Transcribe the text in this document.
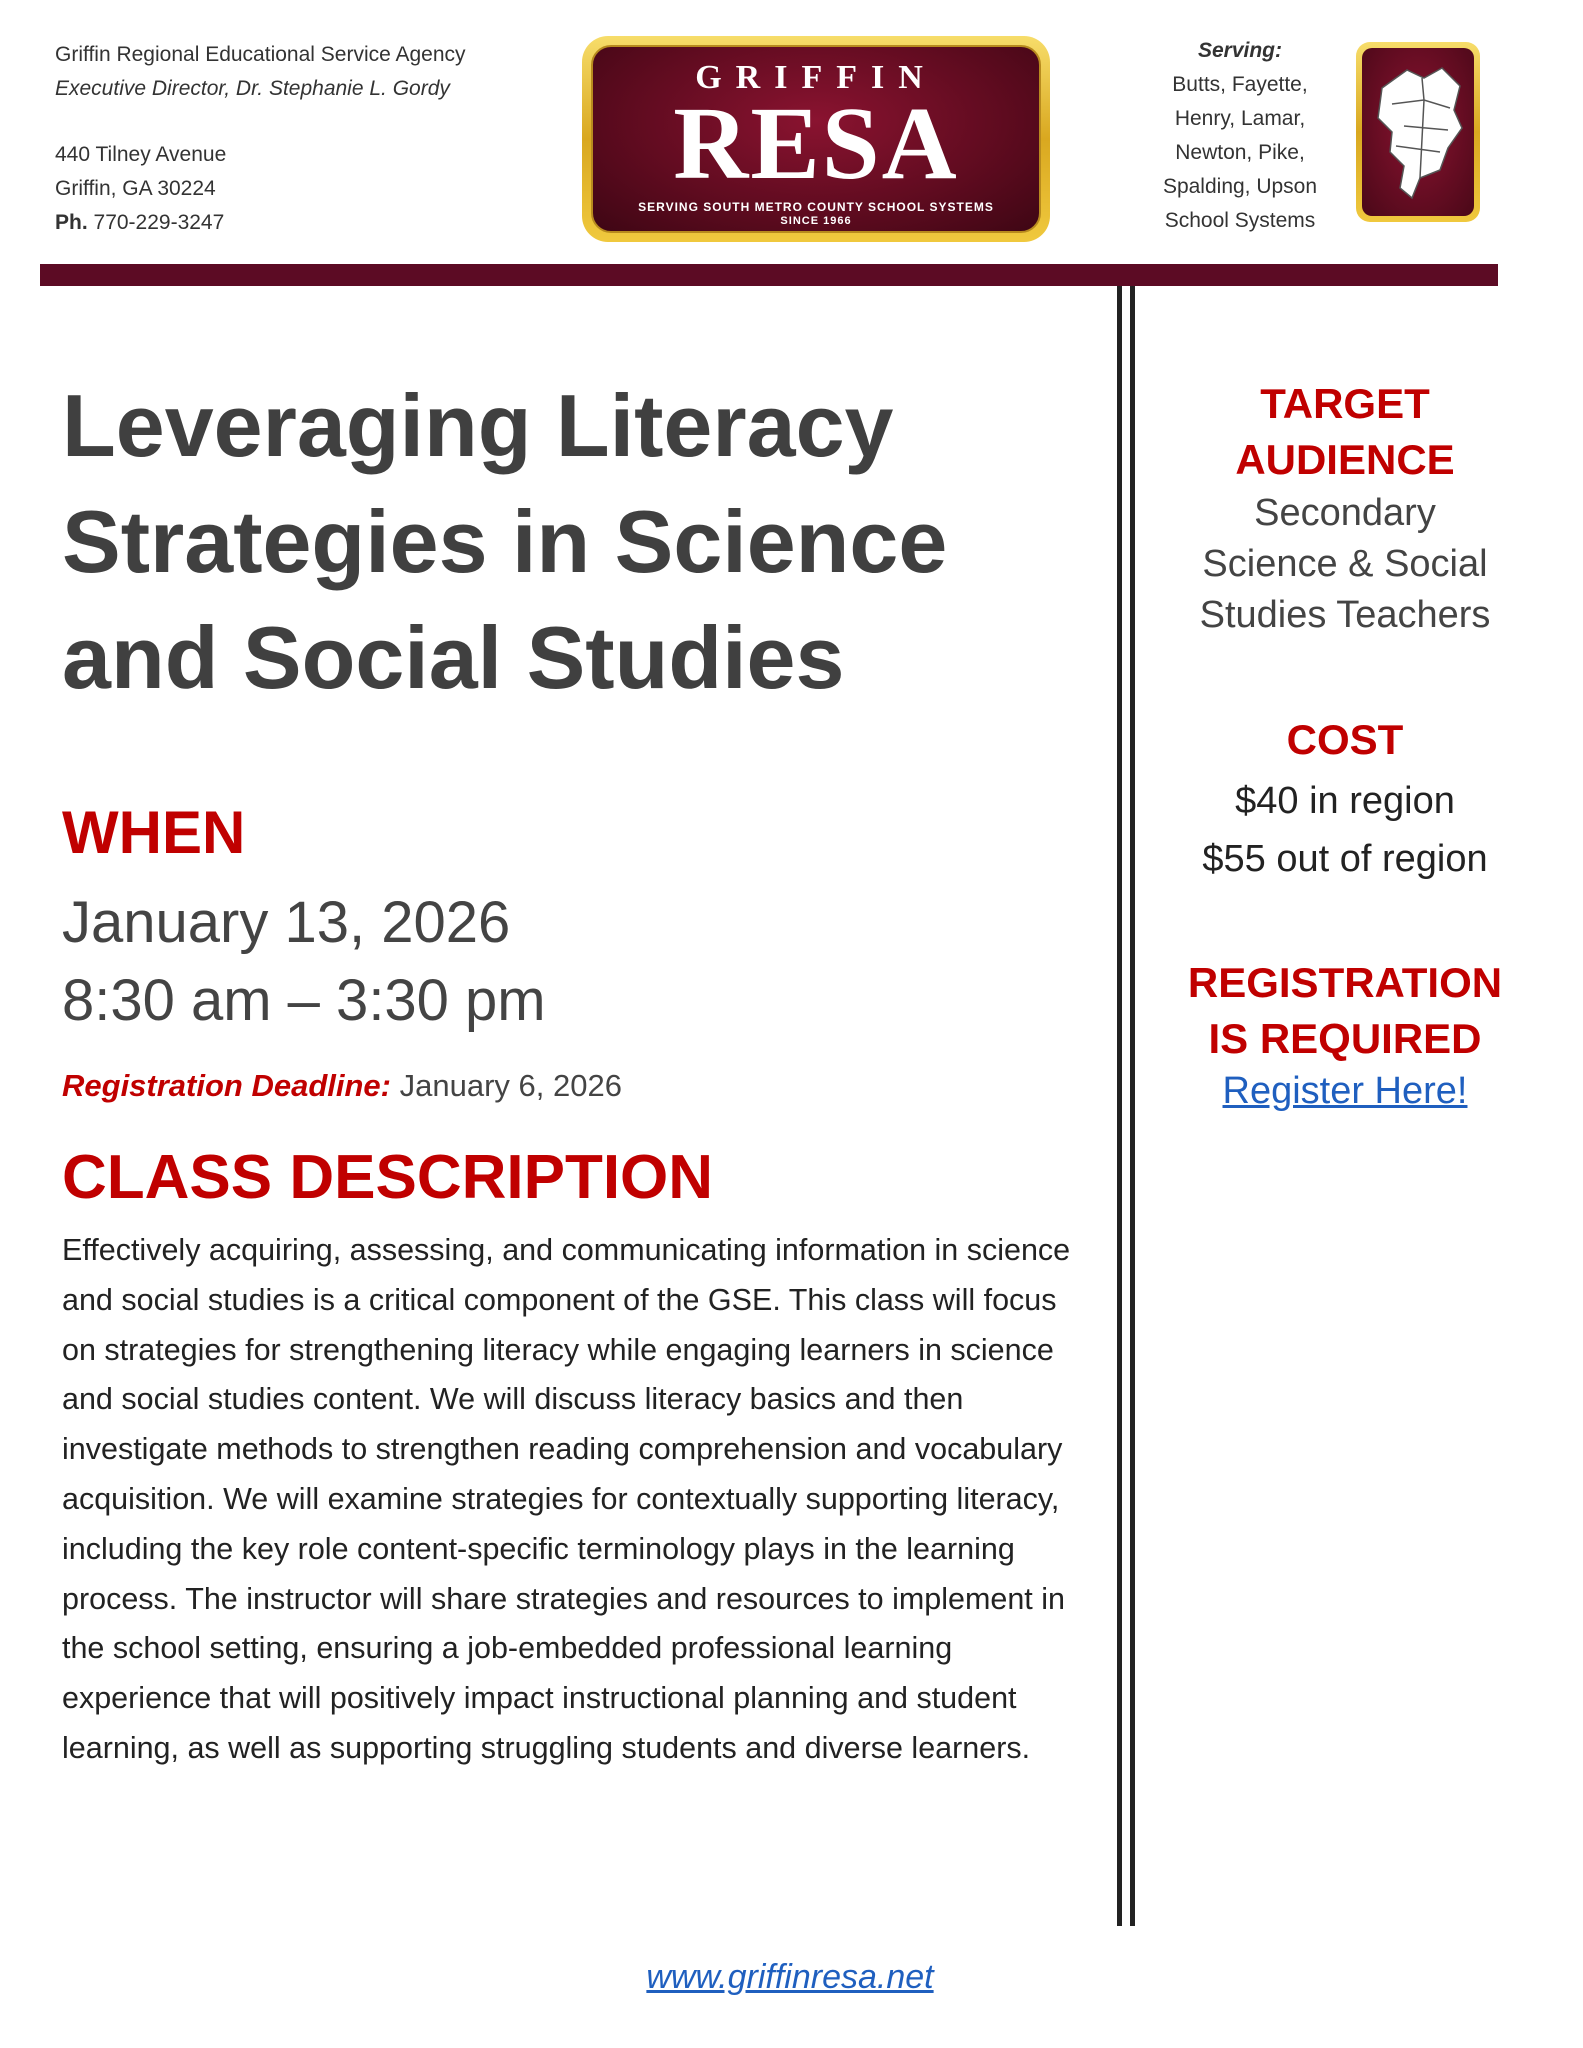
Griffin Regional Educational Service Agency
Executive Director, Dr. Stephanie L. Gordy
440 Tilney Avenue
Griffin, GA 30224
Ph. 770-229-3247
GRIFFIN
RESA
SERVING SOUTH METRO COUNTY SCHOOL SYSTEMS
SINCE 1966
Serving:
Butts, Fayette,
Henry, Lamar,
Newton, Pike,
Spalding, Upson
School Systems
Leveraging Literacy Strategies in Science and Social Studies
WHEN
January 13, 2026
8:30 am – 3:30 pm
Registration Deadline: January 6, 2026
CLASS DESCRIPTION

Effectively acquiring, assessing, and communicating information in science and social studies is a critical component of the GSE. This class will focus on strategies for strengthening literacy while engaging learners in science and social studies content. We will discuss literacy basics and then investigate methods to strengthen reading comprehension and vocabulary acquisition. We will examine strategies for contextually supporting literacy, including the key role content-specific terminology plays in the learning process. The instructor will share strategies and resources to implement in the school setting, ensuring a job-embedded professional learning experience that will positively impact instructional planning and student learning, as well as supporting struggling students and diverse learners.

TARGET
AUDIENCE
Secondary
Science & Social
Studies Teachers
COST
$40 in region
$55 out of region
REGISTRATION
IS REQUIRED
Register Here!
www.griffinresa.net
